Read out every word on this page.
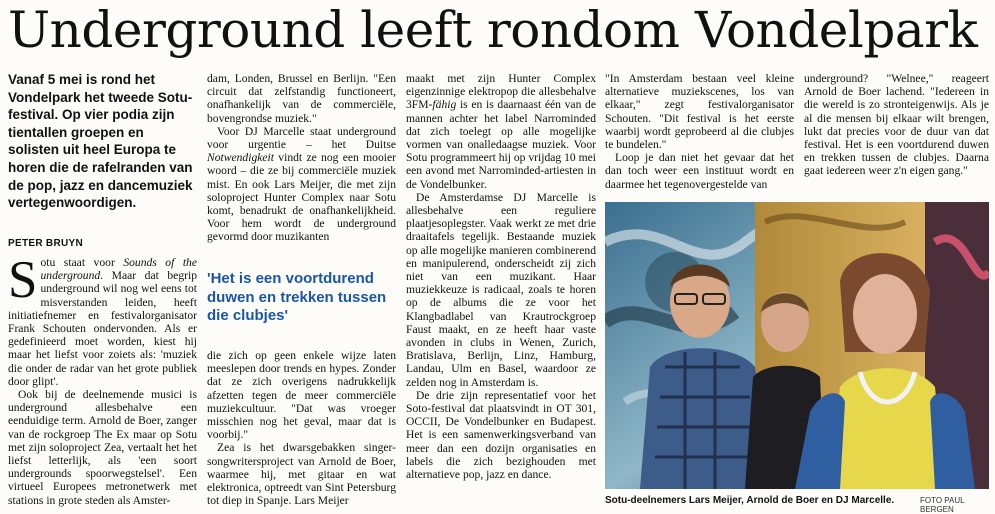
Underground leeft rondom Vondelpark
Vanaf 5 mei is rond het Vondelpark het tweede Sotu-festival. Op vier podia zijn tientallen groepen en solisten uit heel Europa te horen die de rafelranden van de pop, jazz en dancemuziek vertegenwoordigen.
PETER BRUYN

Sotu staat voor Sounds of the underground. Maar dat begrip underground wil nog wel eens tot misverstanden leiden, heeft initiatiefnemer en festivalorganisator Frank Schouten ondervonden. Als er gedefinieerd moet worden, kiest hij maar het liefst voor zoiets als: 'muziek die onder de radar van het grote publiek door glipt'.

Ook bij de deelnemende musici is underground allesbehalve een eenduidige term. Arnold de Boer, zanger van de rockgroep The Ex maar op Sotu met zijn soloproject Zea, vertaalt het het liefst letterlijk, als 'een soort undergrounds spoorwegstelsel'. Een virtueel Europees metronetwerk met stations in grote steden als Amster-

dam, Londen, Brussel en Berlijn. "Een circuit dat zelfstandig functioneert, onafhankelijk van de commerciële, bovengrondse muziek."

Voor DJ Marcelle staat underground voor urgentie – het Duitse Notwendigkeit vindt ze nog een mooier woord – die ze bij commerciële muziek mist. En ook Lars Meijer, die met zijn soloproject Hunter Complex naar Sotu komt, benadrukt de onafhankelijkheid. Voor hem wordt de underground gevormd door muzikanten

'Het is een voortdurend duwen en trekken tussen die clubjes'

die zich op geen enkele wijze laten meeslepen door trends en hypes. Zonder dat ze zich overigens nadrukkelijk afzetten tegen de meer commerciële muziekcultuur. "Dat was vroeger misschien nog het geval, maar dat is voorbij."

Zea is het dwarsgebakken singer-songwritersproject van Arnold de Boer, waarmee hij, met gitaar en wat elektronica, optreedt van Sint Petersburg tot diep in Spanje. Lars Meijer

maakt met zijn Hunter Complex eigenzinnige elektropop die allesbehalve 3FM-fähig is en is daarnaast één van de mannen achter het label Narrominded dat zich toelegt op alle mogelijke vormen van onalledaagse muziek. Voor Sotu programmeert hij op vrijdag 10 mei een avond met Narrominded-artiesten in de Vondelbunker.

De Amsterdamse DJ Marcelle is allesbehalve een reguliere plaatjesoplegster. Vaak werkt ze met drie draaitafels tegelijk. Bestaande muziek op alle mogelijke manieren combinerend en manipulerend, onderscheidt zij zich niet van een muzikant. Haar muziekkeuze is radicaal, zoals te horen op de albums die ze voor het Klangbadlabel van Krautrockgroep Faust maakt, en ze heeft haar vaste avonden in clubs in Wenen, Zurich, Bratislava, Berlijn, Linz, Hamburg, Landau, Ulm en Basel, waardoor ze zelden nog in Amsterdam is.

De drie zijn representatief voor het Soto-festival dat plaatsvindt in OT 301, OCCII, De Vondelbunker en Budapest. Het is een samenwerkingsverband van meer dan een dozijn organisaties en labels die zich bezighouden met alternatieve pop, jazz en dance.

"In Amsterdam bestaan veel kleine alternatieve muziekscenes, los van elkaar," zegt festivalorganisator Schouten. "Dit festival is het eerste waarbij wordt geprobeerd al die clubjes te bundelen."

Loop je dan niet het gevaar dat het dan toch weer een instituut wordt en daarmee het tegenovergestelde van

underground? "Welnee," reageert Arnold de Boer lachend. "Iedereen in die wereld is zo stronteigenwijs. Als je al die mensen bij elkaar wilt brengen, lukt dat precies voor de duur van dat festival. Het is een voortdurend duwen en trekken tussen de clubjes. Daarna gaat iedereen weer z'n eigen gang."

Sotu-deelnemers Lars Meijer, Arnold de Boer en DJ Marcelle.	FOTO PAUL BERGEN
